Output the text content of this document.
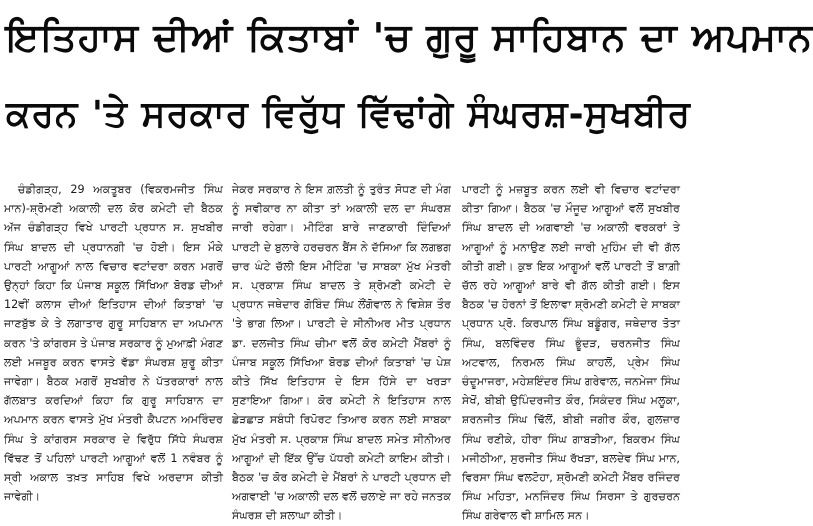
ਇਤਿਹਾਸ ਦੀਆਂ ਕਿਤਾਬਾਂ 'ਚ ਗੁਰੂ ਸਾਹਿਬਾਨ ਦਾ ਅਪਮਾਨ
ਕਰਨ 'ਤੇ ਸਰਕਾਰ ਵਿਰੁੱਧ ਵਿੱਢਾਂਗੇ ਸੰਘਰਸ਼-ਸੁਖਬੀਰ

ਚੰਡੀਗੜ੍ਹ, 29 ਅਕਤੂਬਰ (ਵਿਕਰਮਜੀਤ ਸਿੰਘ ਮਾਨ)-ਸ਼੍ਰੋਮਣੀ ਅਕਾਲੀ ਦਲ ਕੋਰ ਕਮੇਟੀ ਦੀ ਬੈਠਕ ਅੱਜ ਚੰਡੀਗੜ੍ਹ ਵਿਖੇ ਪਾਰਟੀ ਪ੍ਰਧਾਨ ਸ. ਸੁਖਬੀਰ ਸਿੰਘ ਬਾਦਲ ਦੀ ਪ੍ਰਧਾਨਗੀ 'ਚ ਹੋਈ। ਇਸ ਮੌਕੇ ਪਾਰਟੀ ਆਗੂਆਂ ਨਾਲ ਵਿਚਾਰ ਵਟਾਂਦਰਾ ਕਰਨ ਮਗਰੋਂ ਉਨ੍ਹਾਂ ਕਿਹਾ ਕਿ ਪੰਜਾਬ ਸਕੂਲ ਸਿੱਖਿਆ ਬੋਰਡ ਦੀਆਂ 12ਵੀਂ ਕਲਾਸ ਦੀਆਂ ਇਤਿਹਾਸ ਦੀਆਂ ਕਿਤਾਬਾਂ 'ਚ ਜਾਣਬੁੱਝ ਕੇ ਤੇ ਲਗਾਤਾਰ ਗੁਰੂ ਸਾਹਿਬਾਨ ਦਾ ਅਪਮਾਨ ਕਰਨ 'ਤੇ ਕਾਂਗਰਸ ਤੇ ਪੰਜਾਬ ਸਰਕਾਰ ਨੂੰ ਮੁਆਫ਼ੀ ਮੰਗਣ ਲਈ ਮਜਬੂਰ ਕਰਨ ਵਾਸਤੇ ਵੱਡਾ ਸੰਘਰਸ਼ ਸ਼ੁਰੂ ਕੀਤਾ ਜਾਵੇਗਾ। ਬੈਠਕ ਮਗਰੋਂ ਸੁਖਬੀਰ ਨੇ ਪੱਤਰਕਾਰਾਂ ਨਾਲ ਗੱਲਬਾਤ ਕਰਦਿਆਂ ਕਿਹਾ ਕਿ ਗੁਰੂ ਸਾਹਿਬਾਨ ਦਾ ਅਪਮਾਨ ਕਰਨ ਵਾਸਤੇ ਮੁੱਖ ਮੰਤਰੀ ਕੈਪਟਨ ਅਮਰਿੰਦਰ ਸਿੰਘ ਤੇ ਕਾਂਗਰਸ ਸਰਕਾਰ ਦੇ ਵਿਰੁੱਧ ਸਿੱਧੇ ਸੰਘਰਸ਼ ਵਿੱਢਣ ਤੋਂ ਪਹਿਲਾਂ ਪਾਰਟੀ ਆਗੂਆਂ ਵਲੋਂ 1 ਨਵੰਬਰ ਨੂੰ ਸ੍ਰੀ ਅਕਾਲ ਤਖ਼ਤ ਸਾਹਿਬ ਵਿਖੇ ਅਰਦਾਸ ਕੀਤੀ ਜਾਵੇਗੀ।

ਜੇਕਰ ਸਰਕਾਰ ਨੇ ਇਸ ਗ਼ਲਤੀ ਨੂੰ ਤੁਰੰਤ ਸੋਧਣ ਦੀ ਮੰਗ ਨੂੰ ਸਵੀਕਾਰ ਨਾ ਕੀਤਾ ਤਾਂ ਅਕਾਲੀ ਦਲ ਦਾ ਸੰਘਰਸ਼ ਜਾਰੀ ਰਹੇਗਾ। ਮੀਟਿੰਗ ਬਾਰੇ ਜਾਣਕਾਰੀ ਦਿੰਦਿਆਂ ਪਾਰਟੀ ਦੇ ਬੁਲਾਰੇ ਹਰਚਰਨ ਬੈਂਸ ਨੇ ਦੱਸਿਆ ਕਿ ਲਗਭਗ ਚਾਰ ਘੰਟੇ ਚੱਲੀ ਇਸ ਮੀਟਿੰਗ 'ਚ ਸਾਬਕਾ ਮੁੱਖ ਮੰਤਰੀ ਸ. ਪ੍ਰਕਾਸ਼ ਸਿੰਘ ਬਾਦਲ ਤੇ ਸ਼੍ਰੋਮਣੀ ਕਮੇਟੀ ਦੇ ਪ੍ਰਧਾਨ ਜਥੇਦਾਰ ਗੋਬਿੰਦ ਸਿੰਘ ਲੌਂਗੋਵਾਲ ਨੇ ਵਿਸ਼ੇਸ਼ ਤੌਰ 'ਤੇ ਭਾਗ ਲਿਆ। ਪਾਰਟੀ ਦੇ ਸੀਨੀਅਰ ਮੀਤ ਪ੍ਰਧਾਨ ਡਾ. ਦਲਜੀਤ ਸਿੰਘ ਚੀਮਾ ਵਲੋਂ ਕੋਰ ਕਮੇਟੀ ਮੈਂਬਰਾਂ ਨੂੰ ਪੰਜਾਬ ਸਕੂਲ ਸਿੱਖਿਆ ਬੋਰਡ ਦੀਆਂ ਕਿਤਾਬਾਂ 'ਚ ਪੇਸ਼ ਕੀਤੇ ਸਿੱਖ ਇਤਿਹਾਸ ਦੇ ਇਸ ਹਿੱਸੇ ਦਾ ਖਰੜਾ ਸੁਣਾਇਆ ਗਿਆ। ਕੋਰ ਕਮੇਟੀ ਨੇ ਇਤਿਹਾਸ ਨਾਲ ਛੇੜਛਾੜ ਸਬੰਧੀ ਰਿਪੋਰਟ ਤਿਆਰ ਕਰਨ ਲਈ ਸਾਬਕਾ ਮੁੱਖ ਮੰਤਰੀ ਸ. ਪ੍ਰਕਾਸ਼ ਸਿੰਘ ਬਾਦਲ ਸਮੇਤ ਸੀਨੀਅਰ ਆਗੂਆਂ ਦੀ ਇੱਕ ਉੱਚ ਪੱਧਰੀ ਕਮੇਟੀ ਕਾਇਮ ਕੀਤੀ। ਬੈਠਕ 'ਚ ਕੋਰ ਕਮੇਟੀ ਦੇ ਮੈਂਬਰਾਂ ਨੇ ਪਾਰਟੀ ਪ੍ਰਧਾਨ ਦੀ ਅਗਵਾਈ 'ਚ ਅਕਾਲੀ ਦਲ ਵਲੋਂ ਚਲਾਏ ਜਾ ਰਹੇ ਜਨਤਕ ਸੰਘਰਸ਼ ਦੀ ਸ਼ਲਾਘਾ ਕੀਤੀ।

ਪਾਰਟੀ ਨੂੰ ਮਜ਼ਬੂਤ ਕਰਨ ਲਈ ਵੀ ਵਿਚਾਰ ਵਟਾਂਦਰਾ ਕੀਤਾ ਗਿਆ। ਬੈਠਕ 'ਚ ਮੌਜੂਦ ਆਗੂਆਂ ਵਲੋਂ ਸੁਖਬੀਰ ਸਿੰਘ ਬਾਦਲ ਦੀ ਅਗਵਾਈ 'ਚ ਅਕਾਲੀ ਵਰਕਰਾਂ ਤੇ ਆਗੂਆਂ ਨੂੰ ਮਨਾਉਣ ਲਈ ਜਾਰੀ ਮੁਹਿੰਮ ਦੀ ਵੀ ਗੱਲ ਕੀਤੀ ਗਈ। ਕੁਝ ਇਕ ਆਗੂਆਂ ਵਲੋਂ ਪਾਰਟੀ ਤੋਂ ਬਾਗ਼ੀ ਚੱਲ ਰਹੇ ਆਗੂਆਂ ਬਾਰੇ ਵੀ ਗੱਲ ਕੀਤੀ ਗਈ। ਇਸ ਬੈਠਕ 'ਚ ਹੋਰਨਾਂ ਤੋਂ ਇਲਾਵਾ ਸ਼੍ਰੋਮਣੀ ਕਮੇਟੀ ਦੇ ਸਾਬਕਾ ਪ੍ਰਧਾਨ ਪ੍ਰੋ. ਕਿਰਪਾਲ ਸਿੰਘ ਬਡੂੰਗਰ, ਜਥੇਦਾਰ ਤੋਤਾ ਸਿੰਘ, ਬਲਵਿੰਦਰ ਸਿੰਘ ਭੂੰਦੜ, ਚਰਨਜੀਤ ਸਿੰਘ ਅਟਵਾਲ, ਨਿਰਮਲ ਸਿੰਘ ਕਾਹਲੋਂ, ਪ੍ਰੇਮ ਸਿੰਘ ਚੰਦੂਮਾਜਰਾ, ਮਹੇਸ਼ਇੰਦਰ ਸਿੰਘ ਗਰੇਵਾਲ, ਜਨਮੇਜਾ ਸਿੰਘ ਸੇਖੋਂ, ਬੀਬੀ ਉਪਿੰਦਰਜੀਤ ਕੌਰ, ਸਿਕੰਦਰ ਸਿੰਘ ਮਲੂਕਾ, ਸ਼ਰਨਜੀਤ ਸਿੰਘ ਢਿੱਲੋਂ, ਬੀਬੀ ਜਗੀਰ ਕੌਰ, ਗੁਲਜ਼ਾਰ ਸਿੰਘ ਰਣੀਕੇ, ਹੀਰਾ ਸਿੰਘ ਗਾਬੜੀਆ, ਬਿਕਰਮ ਸਿੰਘ ਮਜੀਠੀਆ, ਸੁਰਜੀਤ ਸਿੰਘ ਰੱਖੜਾ, ਬਲਦੇਵ ਸਿੰਘ ਮਾਨ, ਵਿਰਸਾ ਸਿੰਘ ਵਲਟੋਹਾ, ਸ਼੍ਰੋਮਣੀ ਕਮੇਟੀ ਮੈਂਬਰ ਰਜਿੰਦਰ ਸਿੰਘ ਮਹਿਤਾ, ਮਨਜਿੰਦਰ ਸਿੰਘ ਸਿਰਸਾ ਤੇ ਗੁਰਚਰਨ ਸਿੰਘ ਗਰੇਵਾਲ ਵੀ ਸ਼ਾਮਿਲ ਸਨ।
